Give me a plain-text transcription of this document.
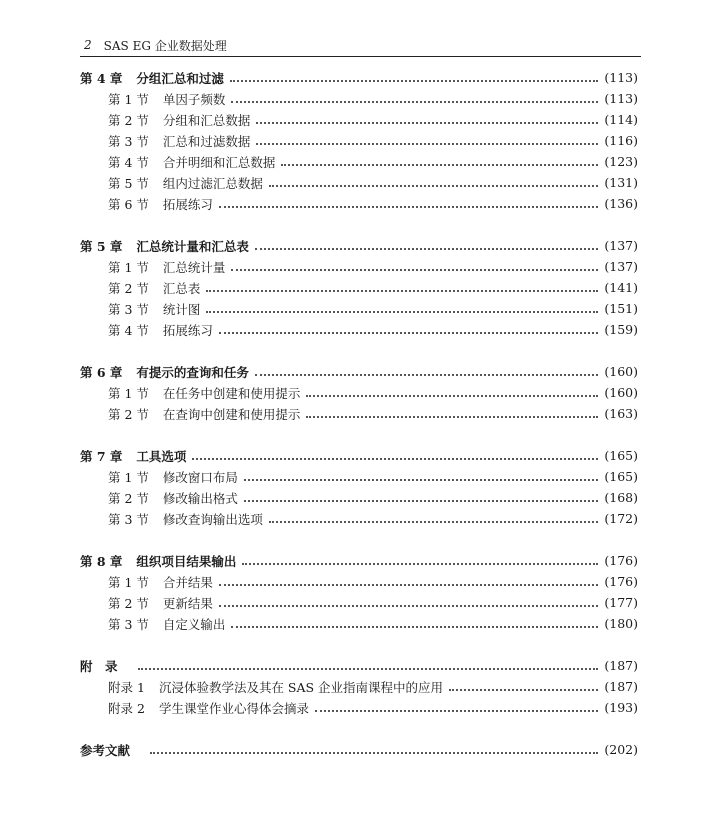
2 SAS EG 企业数据处理
第 4 章 分组汇总和过滤	(113)
第 1 节 单因子频数	(113)
第 2 节 分组和汇总数据	(114)
第 3 节 汇总和过滤数据	(116)
第 4 节 合并明细和汇总数据	(123)
第 5 节 组内过滤汇总数据	(131)
第 6 节 拓展练习	(136)
第 5 章 汇总统计量和汇总表	(137)
第 1 节 汇总统计量	(137)
第 2 节 汇总表	(141)
第 3 节 统计图	(151)
第 4 节 拓展练习	(159)
第 6 章 有提示的查询和任务	(160)
第 1 节 在任务中创建和使用提示	(160)
第 2 节 在查询中创建和使用提示	(163)
第 7 章 工具选项	(165)
第 1 节 修改窗口布局	(165)
第 2 节 修改输出格式	(168)
第 3 节 修改查询输出选项	(172)
第 8 章 组织项目结果输出	(176)
第 1 节 合并结果	(176)
第 2 节 更新结果	(177)
第 3 节 自定义输出	(180)
附　录	(187)
附录 1 沉浸体验教学法及其在 SAS 企业指南课程中的应用	(187)
附录 2 学生课堂作业心得体会摘录	(193)
参考文献	(202)
